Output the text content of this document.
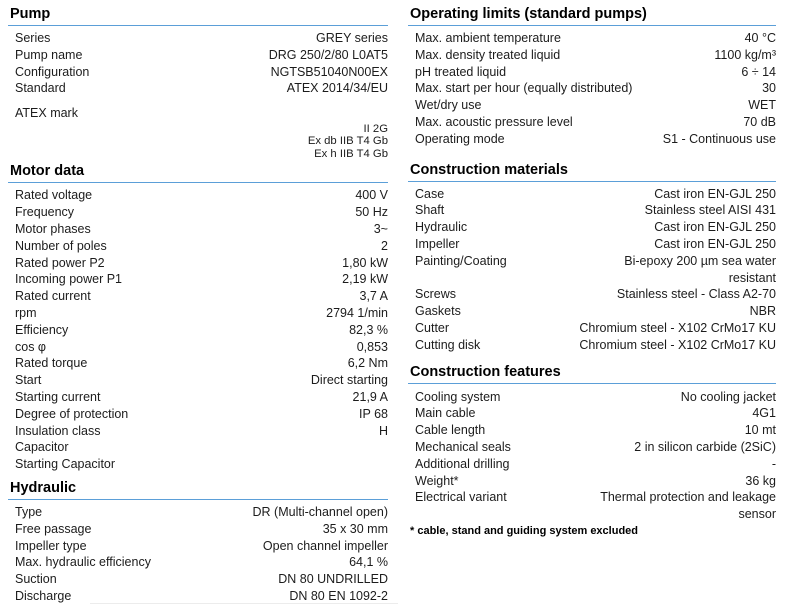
Pump
Series	GREY series
Pump name	DRG 250/2/80 L0AT5
Configuration	NGTSB51040N00EX
Standard	ATEX 2014/34/EU
ATEX mark
II 2G
Ex db IIB T4 Gb
Ex h IIB T4 Gb
Motor data
Rated voltage	400 V
Frequency	50 Hz
Motor phases	3~
Number of poles	2
Rated power P2	1,80 kW
Incoming power P1	2,19 kW
Rated current	3,7 A
rpm	2794 1/min
Efficiency	82,3 %
cos φ	0,853
Rated torque	6,2 Nm
Start	Direct starting
Starting current	21,9 A
Degree of protection	IP 68
Insulation class	H
Capacitor
Starting Capacitor
Hydraulic
Type	DR (Multi-channel open)
Free passage	35 x 30 mm
Impeller type	Open channel impeller
Max. hydraulic efficiency	64,1 %
Suction	DN 80 UNDRILLED
Discharge	DN 80 EN 1092-2
Operating limits (standard pumps)
Max. ambient temperature	40 °C
Max. density treated liquid	1100 kg/m³
pH treated liquid	6 ÷ 14
Max. start per hour (equally distributed)	30
Wet/dry use	WET
Max. acoustic pressure level	70 dB
Operating mode	S1 - Continuous use
Construction materials
Case	Cast iron EN-GJL 250
Shaft	Stainless steel AISI 431
Hydraulic	Cast iron EN-GJL 250
Impeller	Cast iron EN-GJL 250
Painting/Coating	Bi-epoxy 200 µm sea water resistant
Screws	Stainless steel - Class A2-70
Gaskets	NBR
Cutter	Chromium steel - X102 CrMo17 KU
Cutting disk	Chromium steel - X102 CrMo17 KU
Construction features
Cooling system	No cooling jacket
Main cable	4G1
Cable length	10 mt
Mechanical seals	2 in silicon carbide (2SiC)
Additional drilling	-
Weight*	36 kg
Electrical variant	Thermal protection and leakage sensor
* cable, stand and guiding system excluded
